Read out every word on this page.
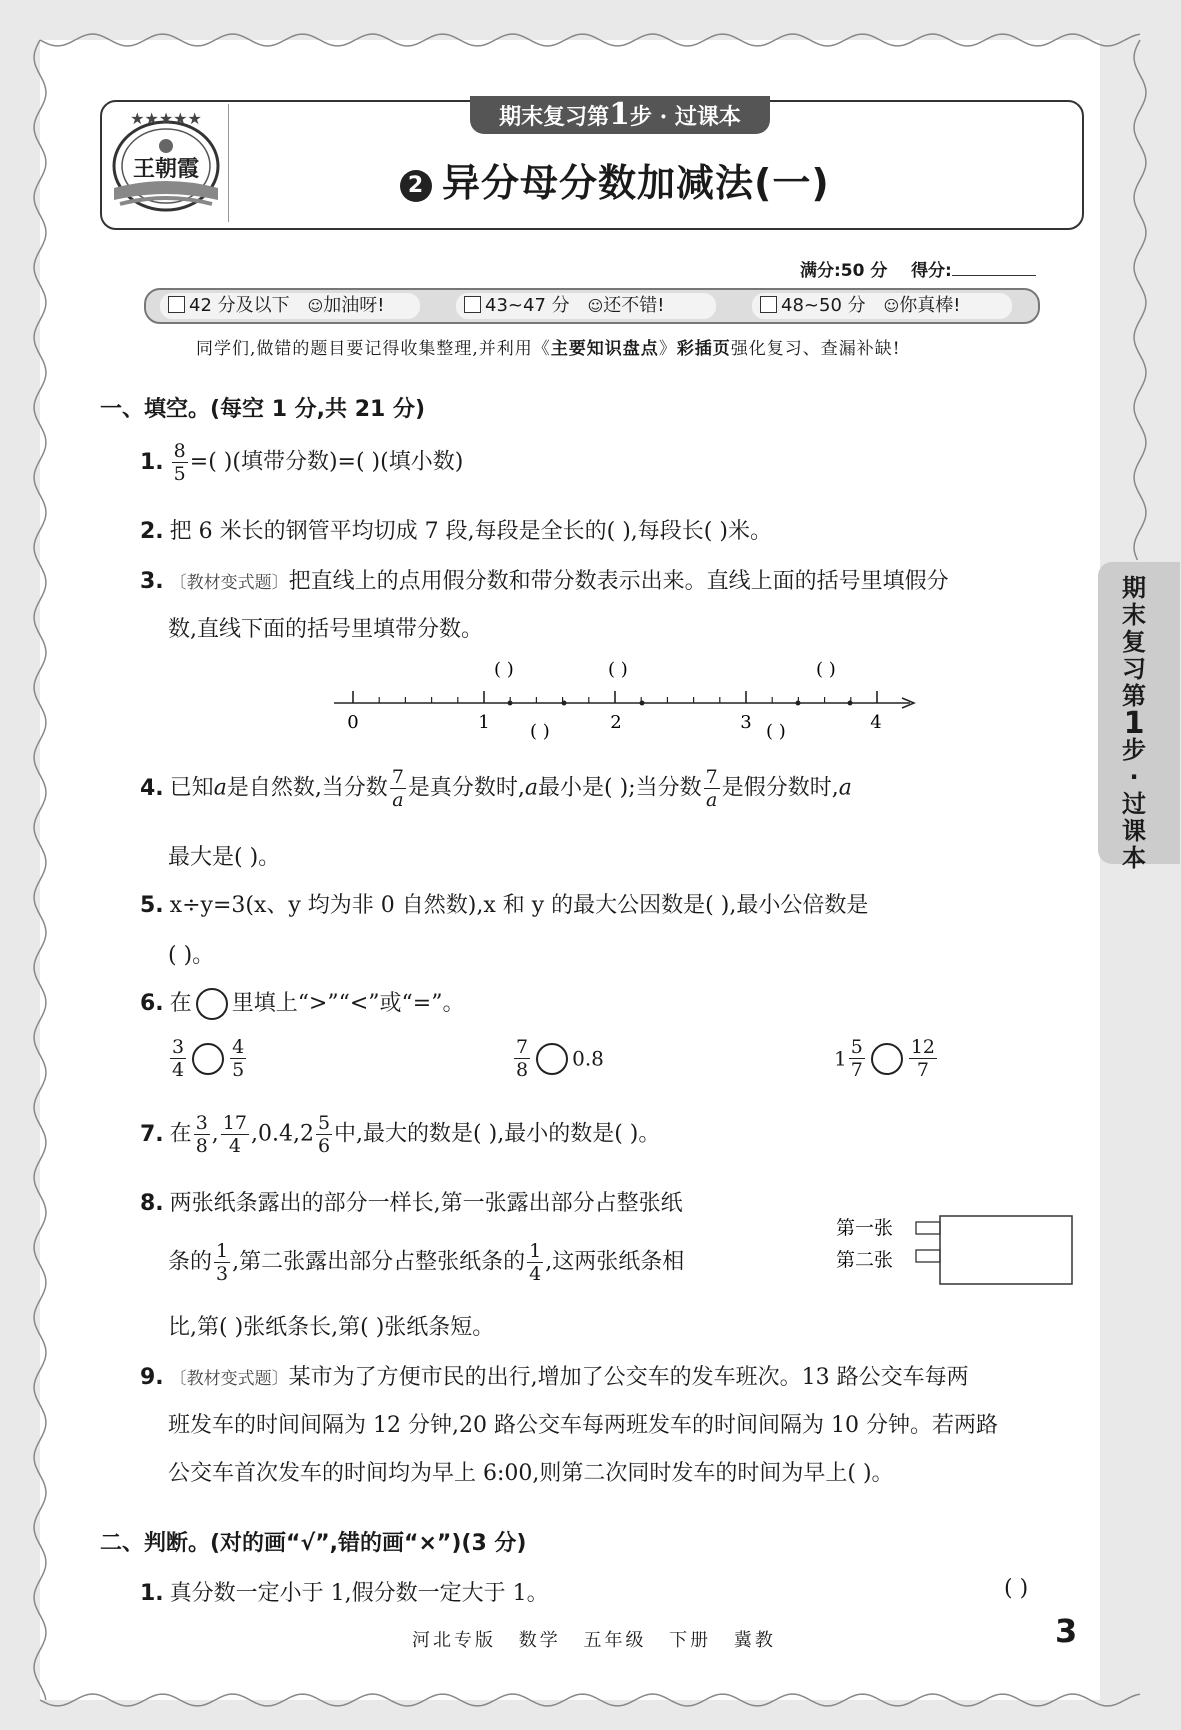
★★★★★
王朝霞
期末复习第1步 · 过课本
2 异分母分数加减法(一)
满分:50 分 得分:
42 分及以下 ☺加油呀!	43~47 分 ☺还不错!	48~50 分 ☺你真棒!
同学们,做错的题目要记得收集整理,并利用《主要知识盘点》彩插页强化复习、查漏补缺!
一、填空。(每空 1 分,共 21 分)
1. $\frac{8}{5}$ =( )(填带分数)=( )(填小数)
2. 把 6 米长的钢管平均切成 7 段,每段是全长的( ),每段长( )米。
3. 〔教材变式题〕把直线上的点用假分数和带分数表示出来。直线上面的括号里填假分
数,直线下面的括号里填带分数。
0	1	2	3	4
( )	( )	( )
( )	( )
4. 已知a是自然数,当分数 $\frac{7}{a}$ 是真分数时,a最小是( );当分数 $\frac{7}{a}$ 是假分数时,a
最大是( )。
5. x÷y=3(x、y 均为非 0 自然数),x 和 y 的最大公因数是( ),最小公倍数是
( )。
6. 在 里填上“>”“<”或“=”。
$\frac{3}{4} \frac{4}{5}$	$\frac{7}{8} 0.8$	$1 \frac{5}{7} \frac{12}{7}$
7. 在 $\frac{3}{8}$ , $\frac{17}{4} ,0.4,2 \frac{5}{6}$ 中,最大的数是( ),最小的数是( )。
8. 两张纸条露出的部分一样长,第一张露出部分占整张纸
条的 $\frac{1}{3}$ ,第二张露出部分占整张纸条的 $\frac{1}{4}$ ,这两张纸条相
比,第( )张纸条长,第( )张纸条短。
第一张
第二张
9. 〔教材变式题〕某市为了方便市民的出行,增加了公交车的发车班次。13 路公交车每两
班发车的时间间隔为 12 分钟,20 路公交车每两班发车的时间间隔为 10 分钟。若两路
公交车首次发车的时间均为早上 6:00,则第二次同时发车的时间为早上( )。
二、判断。(对的画“√”,错的画“×”)(3 分)
1. 真分数一定小于 1,假分数一定大于 1。	( )
期
末
复
习
第
1
步
·
过
课
本
河北专版 数学 五年级 下册 冀教	3
